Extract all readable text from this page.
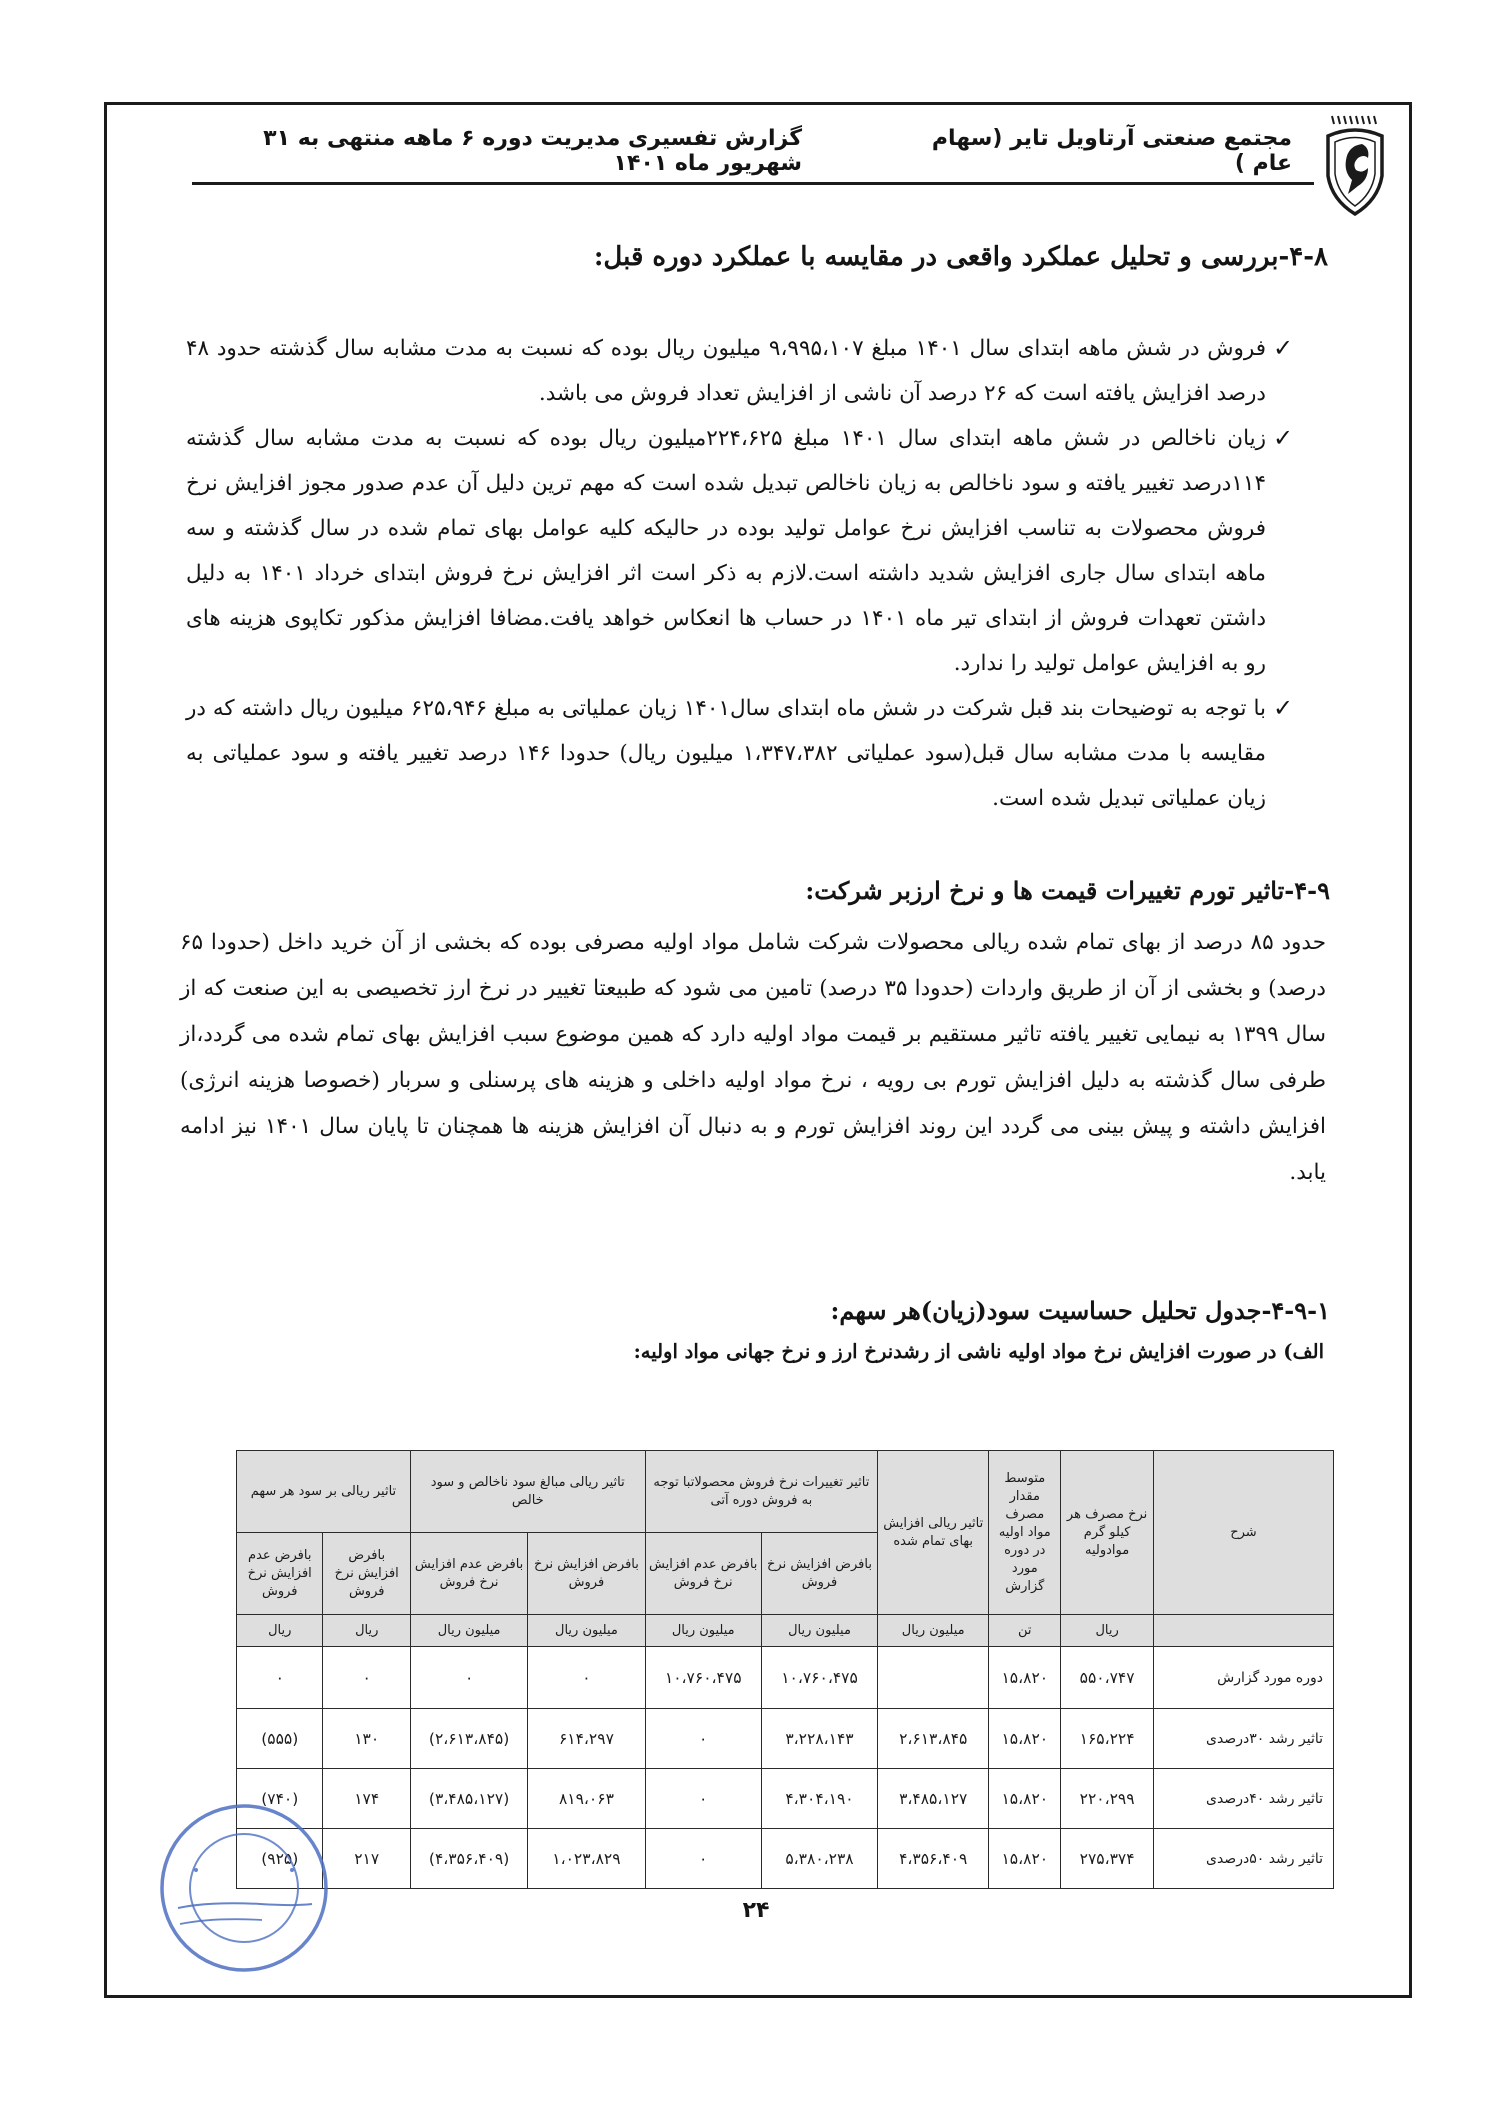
مجتمع صنعتی آرتاویل تایر (سهام عام )
گزارش تفسیری مدیریت دوره ۶ ماهه منتهی به ۳۱ شهریور ماه ۱۴۰۱
۴-۸-بررسی و تحلیل عملکرد واقعی در مقایسه با عملکرد دوره قبل:
✓
فروش در شش ماهه ابتدای سال ۱۴۰۱ مبلغ ۹،۹۹۵،۱۰۷ میلیون ریال بوده که نسبت به مدت مشابه سال گذشته حدود ۴۸ درصد افزایش یافته است که ۲۶ درصد آن ناشی از افزایش تعداد فروش می باشد.
✓
زیان ناخالص در شش ماهه ابتدای سال ۱۴۰۱ مبلغ ۲۲۴،۶۲۵میلیون ریال بوده که نسبت به مدت مشابه سال گذشته ۱۱۴درصد تغییر یافته و سود ناخالص به زیان ناخالص تبدیل شده است که مهم ترین دلیل آن عدم صدور مجوز افزایش نرخ فروش محصولات به تناسب افزایش نرخ عوامل تولید بوده در حالیکه کلیه عوامل بهای تمام شده در سال گذشته و سه ماهه ابتدای سال جاری افزایش شدید داشته است.لازم به ذکر است اثر افزایش نرخ فروش ابتدای خرداد ۱۴۰۱ به دلیل داشتن تعهدات فروش از ابتدای تیر ماه ۱۴۰۱ در حساب ها انعکاس خواهد یافت.مضافا افزایش مذکور تکاپوی هزینه های رو به افزایش عوامل تولید را ندارد.
✓
با توجه به توضیحات بند قبل شرکت در شش ماه ابتدای سال۱۴۰۱ زیان عملیاتی به مبلغ ۶۲۵،۹۴۶ میلیون ریال داشته که در مقایسه با مدت مشابه سال قبل(سود عملیاتی ۱،۳۴۷،۳۸۲ میلیون ریال) حدودا ۱۴۶ درصد تغییر یافته و سود عملیاتی به زیان عملیاتی تبدیل شده است.
۴-۹-تاثیر تورم تغییرات قیمت ها و نرخ ارزبر شرکت:
حدود ۸۵ درصد از بهای تمام شده ریالی محصولات شرکت شامل مواد اولیه مصرفی بوده که بخشی از آن خرید داخل (حدودا ۶۵ درصد) و بخشی از آن از طریق واردات (حدودا ۳۵ درصد) تامین می شود که طبیعتا تغییر در نرخ ارز تخصیصی به این صنعت که از سال ۱۳۹۹ به نیمایی تغییر یافته تاثیر مستقیم بر قیمت مواد اولیه دارد که همین موضوع سبب افزایش بهای تمام شده می گردد،از طرفی سال گذشته به دلیل افزایش تورم بی رویه ، نرخ مواد اولیه داخلی و هزینه های پرسنلی و سربار (خصوصا هزینه انرژی) افزایش داشته و پیش بینی می گردد این روند افزایش تورم و به دنبال آن افزایش هزینه ها همچنان تا پایان سال ۱۴۰۱ نیز ادامه یابد.
۴-۹-۱-جدول تحلیل حساسیت سود(زیان)هر سهم:
الف) در صورت افزایش نرخ مواد اولیه ناشی از رشدنرخ ارز و نرخ جهانی مواد اولیه:
شرح	نرخ مصرف هر کیلو گرم موادولیه	متوسط مقدار مصرف مواد اولیه در دوره مورد گزارش	تاثیر ریالی افزایش بهای تمام شده	تاثیر تغییرات نرخ فروش محصولاتبا توجه به فروش دوره آتی		تاثیر ریالی مبالغ سود ناخالص و سود خالص		تاثیر ریالی بر سود هر سهم	
				بافرض افزایش نرخ فروش	بافرض عدم افزایش نرخ فروش	بافرض افزایش نرخ فروش	بافرض عدم افزایش نرخ فروش	بافرض افزایش نرخ فروش	بافرض عدم افزایش نرخ فروش
	ریال	تن	میلیون ریال	میلیون ریال	میلیون ریال	میلیون ریال	میلیون ریال	ریال	ریال
دوره مورد گزارش	۵۵۰،۷۴۷	۱۵،۸۲۰		۱۰،۷۶۰،۴۷۵	۱۰،۷۶۰،۴۷۵	۰	۰	۰	۰
تاثیر رشد ۳۰درصدی	۱۶۵،۲۲۴	۱۵،۸۲۰	۲،۶۱۳،۸۴۵	۳،۲۲۸،۱۴۳	۰	۶۱۴،۲۹۷	(۲،۶۱۳،۸۴۵)	۱۳۰	(۵۵۵)
تاثیر رشد ۴۰درصدی	۲۲۰،۲۹۹	۱۵،۸۲۰	۳،۴۸۵،۱۲۷	۴،۳۰۴،۱۹۰	۰	۸۱۹،۰۶۳	(۳،۴۸۵،۱۲۷)	۱۷۴	(۷۴۰)
تاثیر رشد ۵۰درصدی	۲۷۵،۳۷۴	۱۵،۸۲۰	۴،۳۵۶،۴۰۹	۵،۳۸۰،۲۳۸	۰	۱،۰۲۳،۸۲۹	(۴،۳۵۶،۴۰۹)	۲۱۷	(۹۲۵)
۲۴
